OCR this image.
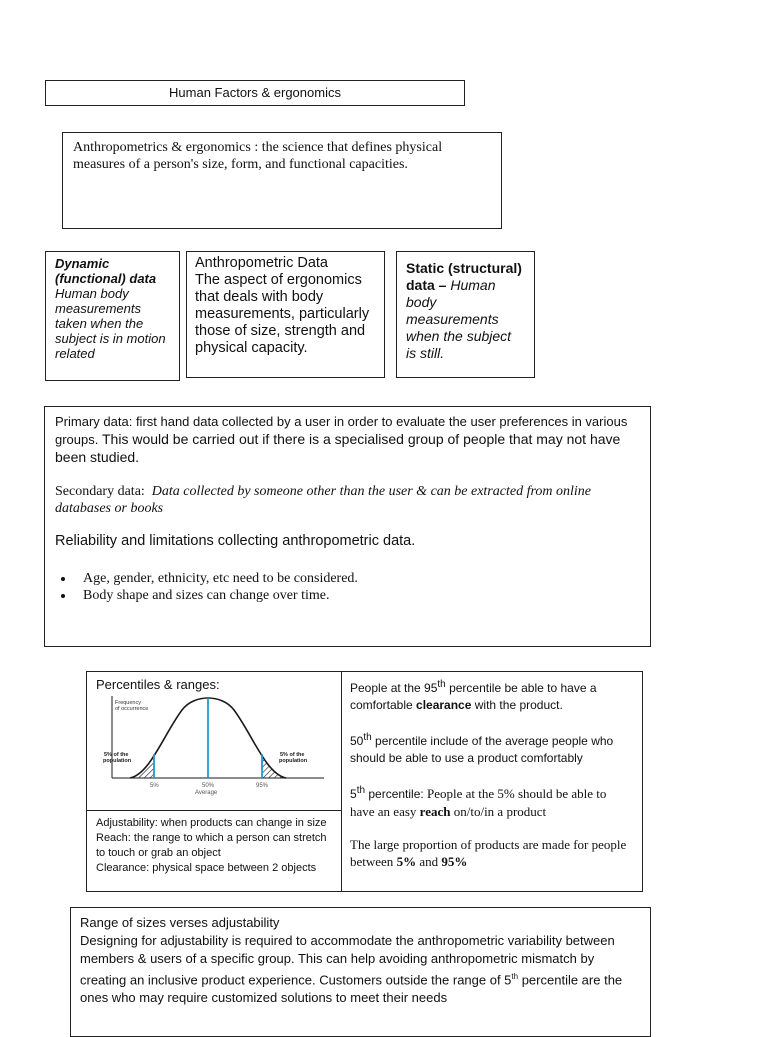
Human Factors & ergonomics
Anthropometrics & ergonomics : the science that defines physical measures of a person's size, form, and functional capacities.
Dynamic (functional) data
Human body measurements taken when the subject is in motion related
Anthropometric Data
The aspect of ergonomics that deals with body measurements, particularly those of size, strength and physical capacity.
Static (structural) data – Human body measurements when the subject is still.

Primary data: first hand data collected by a user in order to evaluate the user preferences in various groups. This would be carried out if there is a specialised group of people that may not have been studied.

Secondary data: Data collected by someone other than the user & can be extracted from online databases or books

Reliability and limitations collecting anthropometric data.

• Age, gender, ethnicity, etc need to be considered.
• Body shape and sizes can change over time.
Percentiles & ranges:
Frequency
of occurrence
5% of the
population
5% of the
population
5%	50%
Average
95%
Adjustability: when products can change in size
Reach: the range to which a person can stretch to touch or grab an object
Clearance: physical space between 2 objects

People at the 95th percentile be able to have a comfortable clearance with the product.

50th percentile include of the average people who should be able to use a product comfortably

5th percentile: People at the 5% should be able to have an easy reach on/to/in a product

The large proportion of products are made for people between 5% and 95%

Range of sizes verses adjustability
Designing for adjustability is required to accommodate the anthropometric variability between members & users of a specific group. This can help avoiding anthropometric mismatch by creating an inclusive product experience. Customers outside the range of 5th percentile are the ones who may require customized solutions to meet their needs
